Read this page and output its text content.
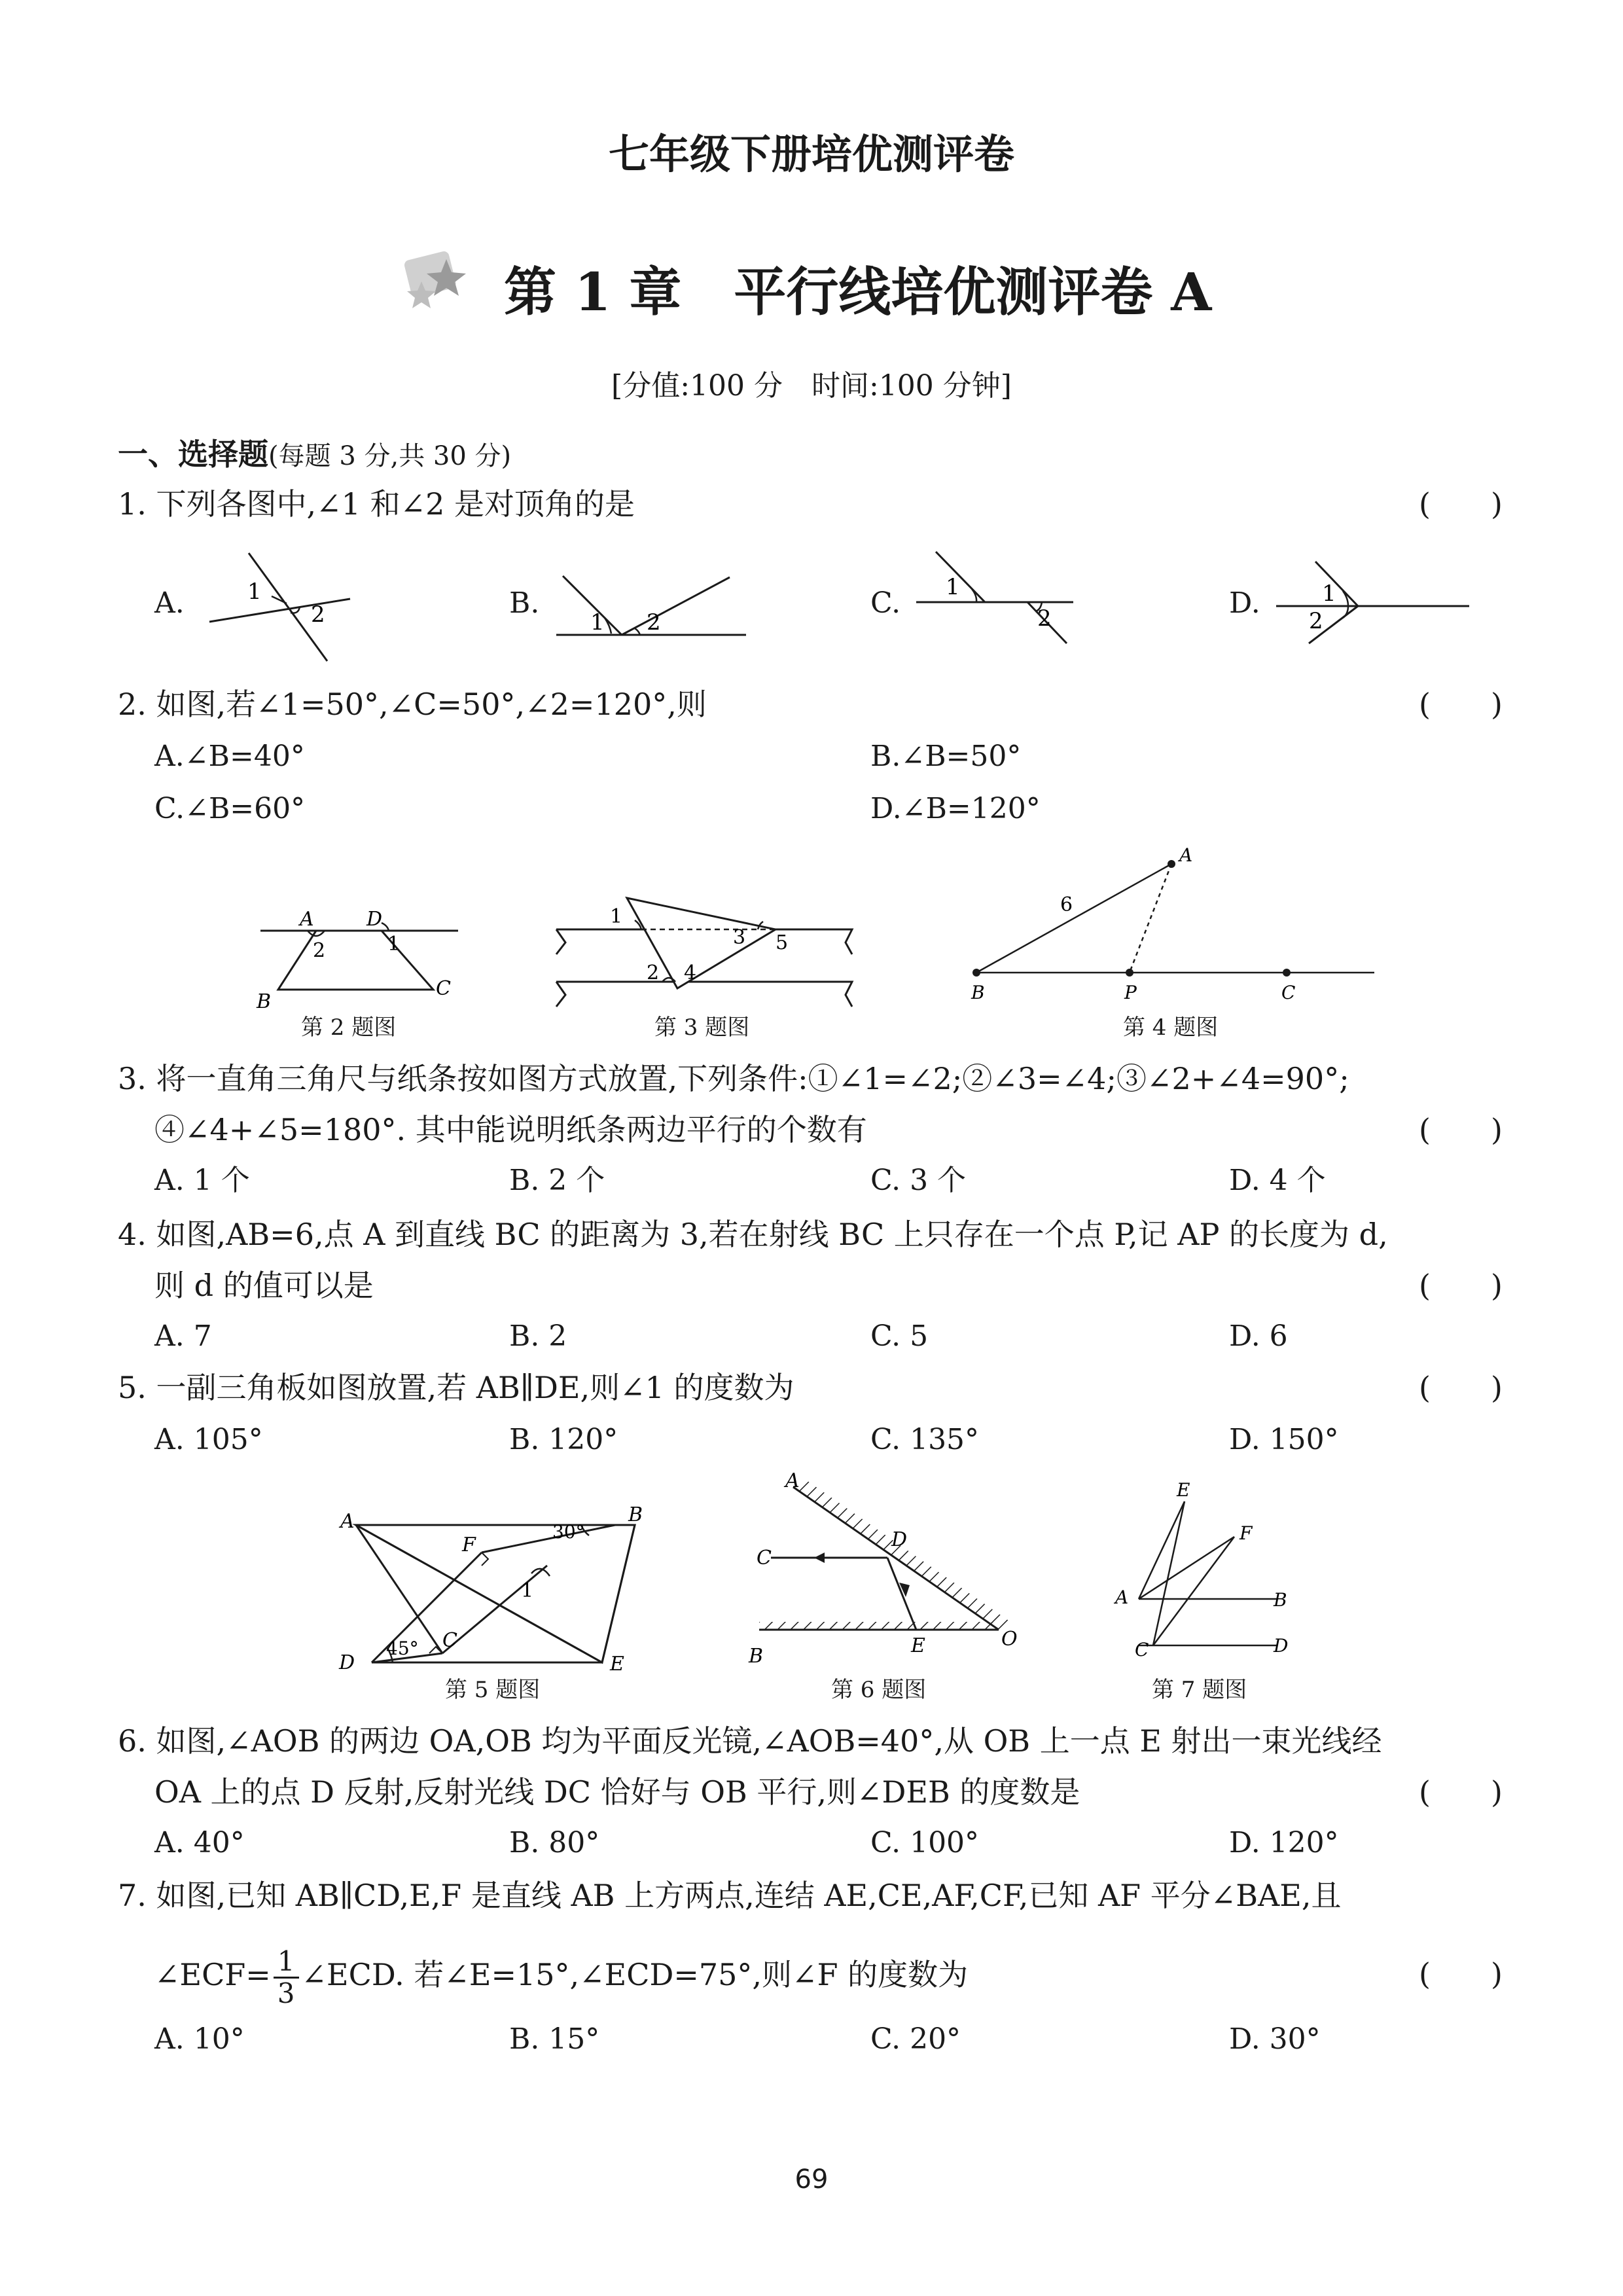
七年级下册培优测评卷
第 1 章　平行线培优测评卷 A
[分值:100 分　时间:100 分钟]
一、选择题(每题 3 分,共 30 分)
1. 下列各图中,∠1 和∠2 是对顶角的是	(　　)
A.	B.	C.	D.
1
2	1 2
1
2
1
2
2. 如图,若∠1=50°,∠C=50°,∠2=120°,则	(　　)
A.∠B=40°	B.∠B=50°
C.∠B=60°	D.∠B=120°
A	D
1
2
B
C
第 2 题图
1
3 5
2 4
第 3 题图
A
6
B	P	C
第 4 题图
3. 将一直角三角尺与纸条按如图方式放置,下列条件:①∠1=∠2;②∠3=∠4;③∠2+∠4=90°;
④∠4+∠5=180°. 其中能说明纸条两边平行的个数有	(　　)
A. 1 个	B. 2 个	C. 3 个	D. 4 个
4. 如图,AB=6,点 A 到直线 BC 的距离为 3,若在射线 BC 上只存在一个点 P,记 AP 的长度为 d,
则 d 的值可以是	(　　)
A. 7	B. 2	C. 5	D. 6
5. 一副三角板如图放置,若 AB∥DE,则∠1 的度数为	(　　)
A. 105°	B. 120°	C. 135°	D. 150°
A	B
F
30°
1
D
45° C
E
第 5 题图
A
C
D
B	E	O
第 6 题图
E
F
A	B
C	D
第 7 题图
6. 如图,∠AOB 的两边 OA,OB 均为平面反光镜,∠AOB=40°,从 OB 上一点 E 射出一束光线经
OA 上的点 D 反射,反射光线 DC 恰好与 OB 平行,则∠DEB 的度数是	(　　)
A. 40°	B. 80°	C. 100°	D. 120°
7. 如图,已知 AB∥CD,E,F 是直线 AB 上方两点,连结 AE,CE,AF,CF,已知 AF 平分∠BAE,且
∠ECF= $\frac{1}{3}$ ∠ECD. 若∠E=15°,∠ECD=75°,则∠F 的度数为	(　　)
A. 10°	B. 15°	C. 20°	D. 30°
69
